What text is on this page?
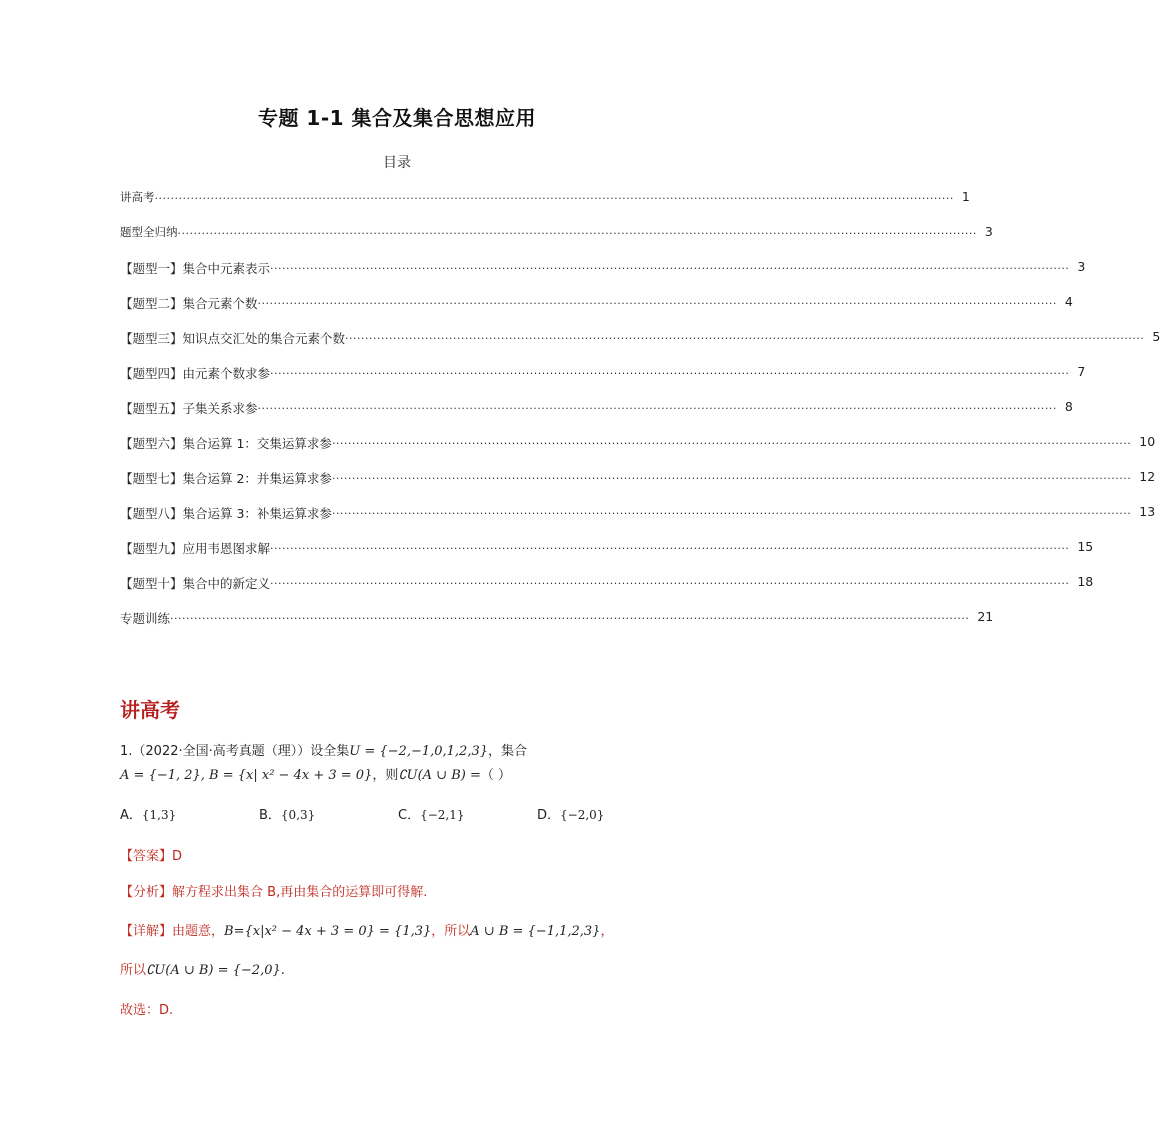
专题 1-1 集合及集合思想应用
目录
讲高考 ........................................................................................................................................................................................................ 1
题型全归纳 ........................................................................................................................................................................................................ 3
【题型一】集合中元素表示 ........................................................................................................................................................................................................ 3
【题型二】集合元素个数 ........................................................................................................................................................................................................ 4
【题型三】知识点交汇处的集合元素个数 ........................................................................................................................................................................................................ 5
【题型四】由元素个数求参 ........................................................................................................................................................................................................ 7
【题型五】子集关系求参 ........................................................................................................................................................................................................ 8
【题型六】集合运算 1：交集运算求参 ........................................................................................................................................................................................................ 10
【题型七】集合运算 2：并集运算求参 ........................................................................................................................................................................................................ 12
【题型八】集合运算 3：补集运算求参 ........................................................................................................................................................................................................ 13
【题型九】应用韦恩图求解 ........................................................................................................................................................................................................ 15
【题型十】集合中的新定义 ........................................................................................................................................................................................................ 18
专题训练 ........................................................................................................................................................................................................ 21
讲高考
1.（2022·全国·高考真题（理））设全集U = {−2,−1,0,1,2,3}，集合
A = {−1, 2}, B = {x| x² − 4x + 3 = 0}，则∁U(A ∪ B) =（ ）
A．{1,3}	B．{0,3}	C．{−2,1}	D．{−2,0}
【答案】D
【分析】解方程求出集合 B,再由集合的运算即可得解.
【详解】由题意，B={x|x² − 4x + 3 = 0} = {1,3}，所以A ∪ B = {−1,1,2,3}，
所以∁U(A ∪ B) = {−2,0}.
故选：D.
